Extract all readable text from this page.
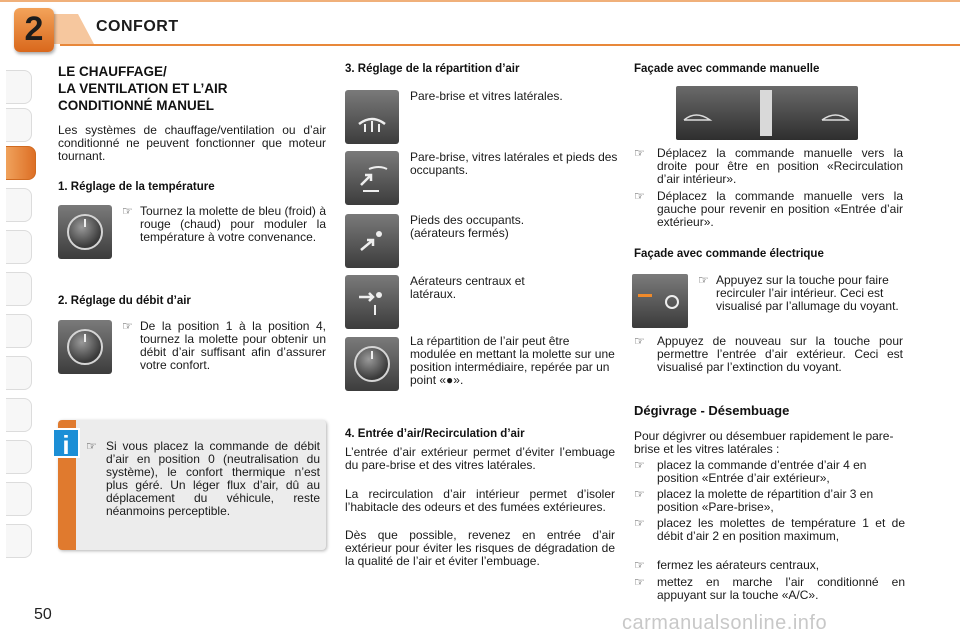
2	CONFORT
LE CHAUFFAGE/
LA VENTILATION ET L’AIR
CONDITIONNÉ MANUEL
Les systèmes de chauffage/ventilation ou d’air conditionné ne peuvent fonctionner que moteur tournant.
1. Réglage de la température
☞ Tournez la molette de bleu (froid) à rouge (chaud) pour moduler la température à votre convenance.
2. Réglage du débit d’air
☞ De la position 1 à la position 4, tournez la molette pour obtenir un débit d’air suffisant afin d’assurer votre confort.
i	☞ Si vous placez la commande de débit d’air en position 0 (neutralisation du système), le confort thermique n’est plus géré. Un léger flux d’air, dû au déplacement du véhicule, reste néanmoins perceptible.
3. Réglage de la répartition d’air
Pare-brise et vitres latérales.
Pare-brise, vitres latérales et pieds des occupants.
Pieds des occupants.
(aérateurs fermés)
Aérateurs centraux et
latéraux.
La répartition de l’air peut être modulée en mettant la molette sur une position intermédiaire, repérée par un point «●».
4. Entrée d’air/Recirculation d’air
L’entrée d’air extérieur permet d’éviter l’embuage du pare-brise et des vitres latérales.
La recirculation d’air intérieur permet d’isoler l’habitacle des odeurs et des fumées extérieures.
Dès que possible, revenez en entrée d’air extérieur pour éviter les risques de dégradation de la qualité de l’air et éviter l’embuage.
Façade avec commande manuelle
☞ Déplacez la commande manuelle vers la droite pour être en position «Recirculation d’air intérieur».
☞ Déplacez la commande manuelle vers la gauche pour revenir en position «Entrée d’air extérieur».
Façade avec commande électrique
☞ Appuyez sur la touche pour faire recirculer l’air intérieur. Ceci est visualisé par l’allumage du voyant.
☞ Appuyez de nouveau sur la touche pour permettre l’entrée d’air extérieur. Ceci est visualisé par l’extinction du voyant.
Dégivrage - Désembuage
Pour dégivrer ou désembuer rapidement le pare-brise et les vitres latérales :
☞ placez la commande d’entrée d’air 4 en position «Entrée d’air extérieur»,
☞ placez la molette de répartition d’air 3 en position «Pare-brise»,
☞ placez les molettes de température 1 et de débit d’air 2 en position maximum,
☞ fermez les aérateurs centraux,
☞ mettez en marche l’air conditionné en appuyant sur la touche «A/C».
50	carmanualsonline.info
